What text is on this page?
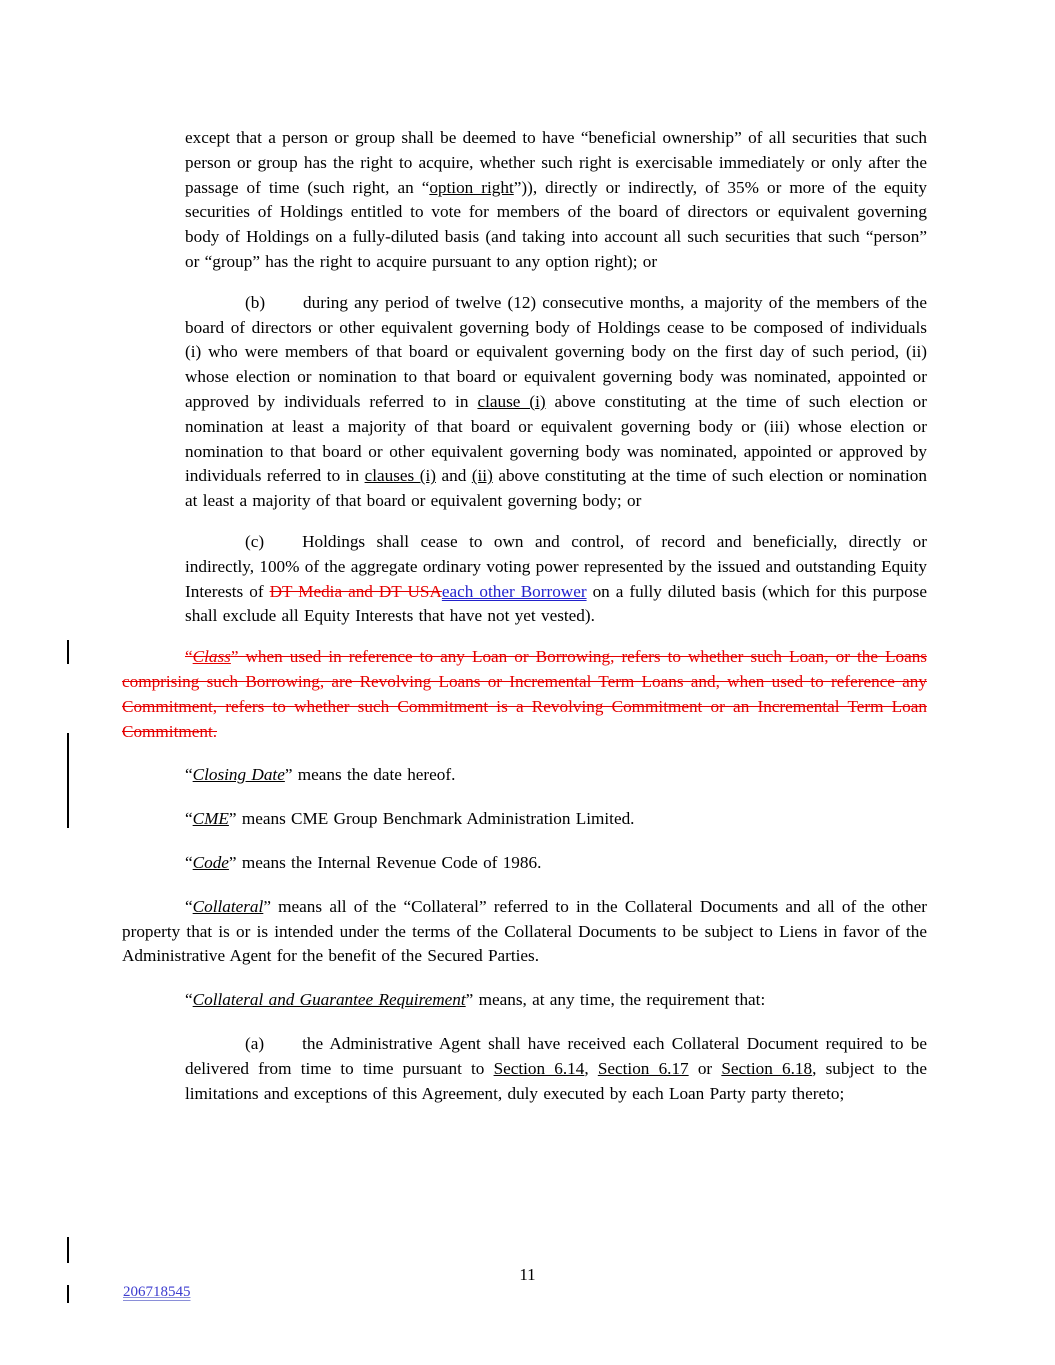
except that a person or group shall be deemed to have “beneficial ownership” of all securities that such person or group has the right to acquire, whether such right is exercisable immediately or only after the passage of time (such right, an “option right”)), directly or indirectly, of 35% or more of the equity securities of Holdings entitled to vote for members of the board of directors or equivalent governing body of Holdings on a fully-diluted basis (and taking into account all such securities that such “person” or “group” has the right to acquire pursuant to any option right); or

(b) during any period of twelve (12) consecutive months, a majority of the members of the board of directors or other equivalent governing body of Holdings cease to be composed of individuals (i) who were members of that board or equivalent governing body on the first day of such period, (ii) whose election or nomination to that board or equivalent governing body was nominated, appointed or approved by individuals referred to in clause (i) above constituting at the time of such election or nomination at least a majority of that board or equivalent governing body or (iii) whose election or nomination to that board or other equivalent governing body was nominated, appointed or approved by individuals referred to in clauses (i) and (ii) above constituting at the time of such election or nomination at least a majority of that board or equivalent governing body; or

(c) Holdings shall cease to own and control, of record and beneficially, directly or indirectly, 100% of the aggregate ordinary voting power represented by the issued and outstanding Equity Interests of DT Media and DT USAeach other Borrower on a fully diluted basis (which for this purpose shall exclude all Equity Interests that have not yet vested).

“Class” when used in reference to any Loan or Borrowing, refers to whether such Loan, or the Loans comprising such Borrowing, are Revolving Loans or Incremental Term Loans and, when used to reference any Commitment, refers to whether such Commitment is a Revolving Commitment or an Incremental Term Loan Commitment.

“Closing Date” means the date hereof.

“CME” means CME Group Benchmark Administration Limited.

“Code” means the Internal Revenue Code of 1986.

“Collateral” means all of the “Collateral” referred to in the Collateral Documents and all of the other property that is or is intended under the terms of the Collateral Documents to be subject to Liens in favor of the Administrative Agent for the benefit of the Secured Parties.

“Collateral and Guarantee Requirement” means, at any time, the requirement that:

(a) the Administrative Agent shall have received each Collateral Document required to be delivered from time to time pursuant to Section 6.14, Section 6.17 or Section 6.18, subject to the limitations and exceptions of this Agreement, duly executed by each Loan Party party thereto;

11
206718545
